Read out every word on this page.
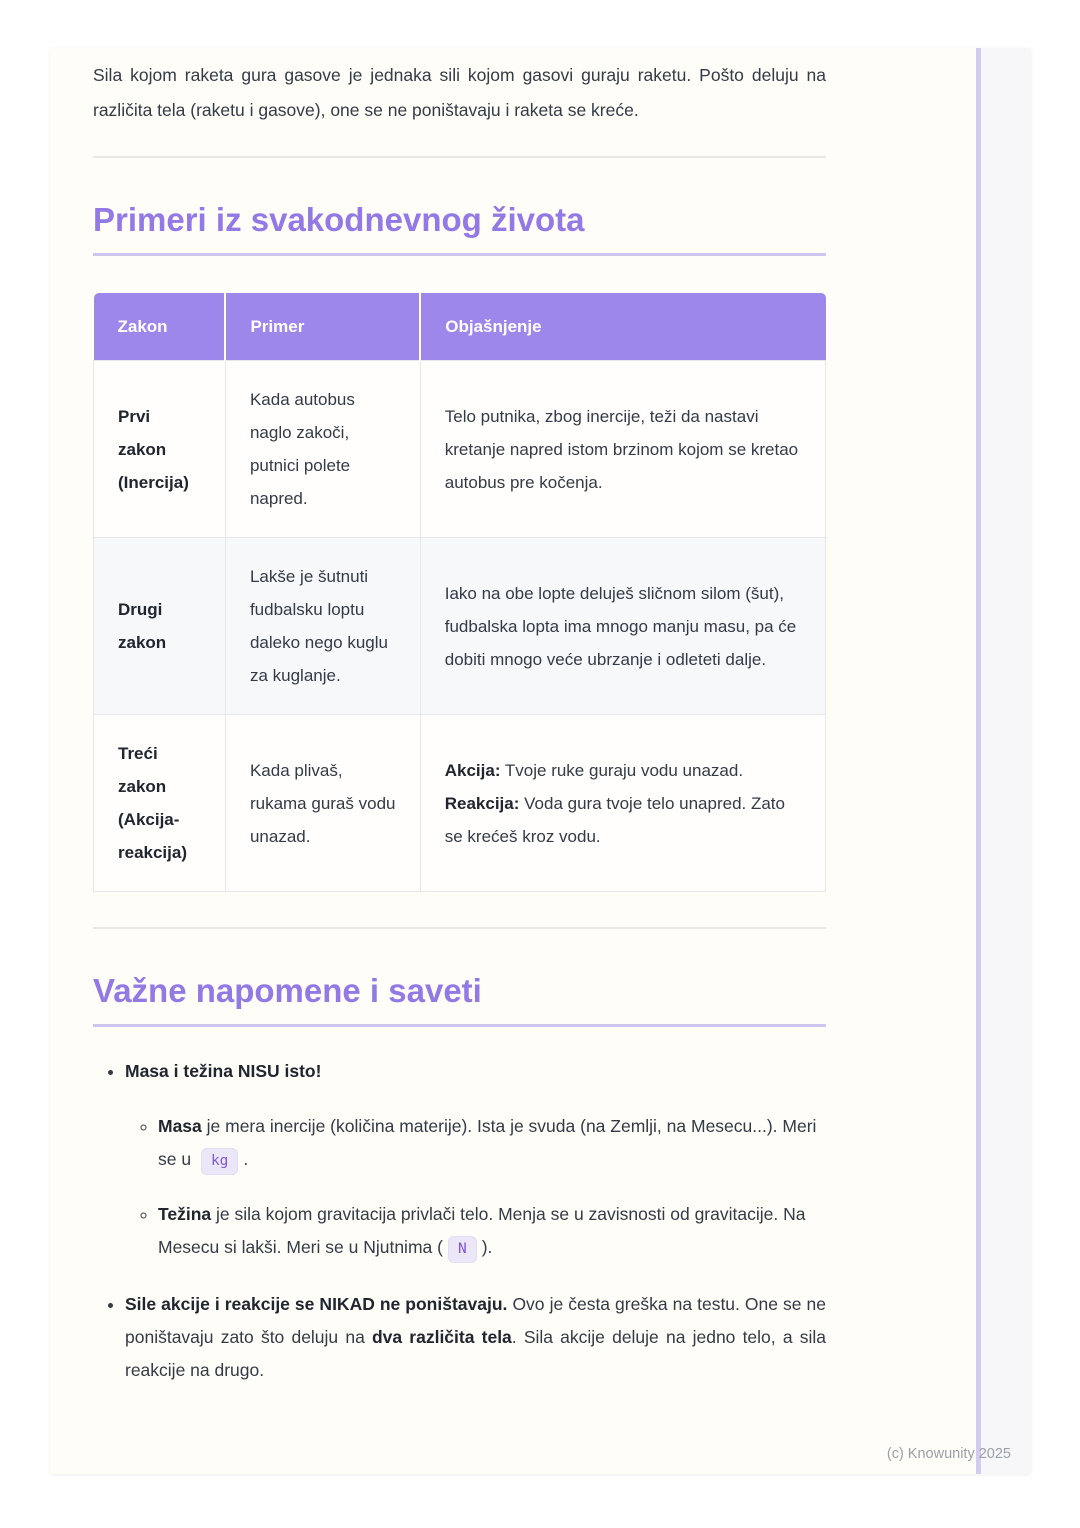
Sila kojom raketa gura gasove je jednaka sili kojom gasovi guraju raketu. Pošto deluju na različita tela (raketu i gasove), one se ne poništavaju i raketa se kreće.

Primeri iz svakodnevnog života
Zakon	Primer	Objašnjenje
Prvi zakon (Inercija)	Kada autobus naglo zakoči, putnici polete napred.	Telo putnika, zbog inercije, teži da nastavi kretanje napred istom brzinom kojom se kretao autobus pre kočenja.
Drugi zakon	Lakše je šutnuti fudbalsku loptu daleko nego kuglu za kuglanje.	Iako na obe lopte deluješ sličnom silom (šut), fudbalska lopta ima mnogo manju masu, pa će dobiti mnogo veće ubrzanje i odleteti dalje.
Treći zakon (Akcija-reakcija)	Kada plivaš, rukama guraš vodu unazad.	Akcija: Tvoje ruke guraju vodu unazad. Reakcija: Voda gura tvoje telo unapred. Zato se krećeš kroz vodu.
Važne napomene i saveti
• Masa i težina NISU isto!
◦ Masa je mera inercije (količina materije). Ista je svuda (na Zemlji, na Mesecu...). Meri se u kg .
◦ Težina je sila kojom gravitacija privlači telo. Menja se u zavisnosti od gravitacije. Na Mesecu si lakši. Meri se u Njutnima ( N ).
• Sile akcije i reakcije se NIKAD ne poništavaju. Ovo je česta greška na testu. One se ne poništavaju zato što deluju na dva različita tela. Sila akcije deluje na jedno telo, a sila reakcije na drugo.
(c) Knowunity 2025
